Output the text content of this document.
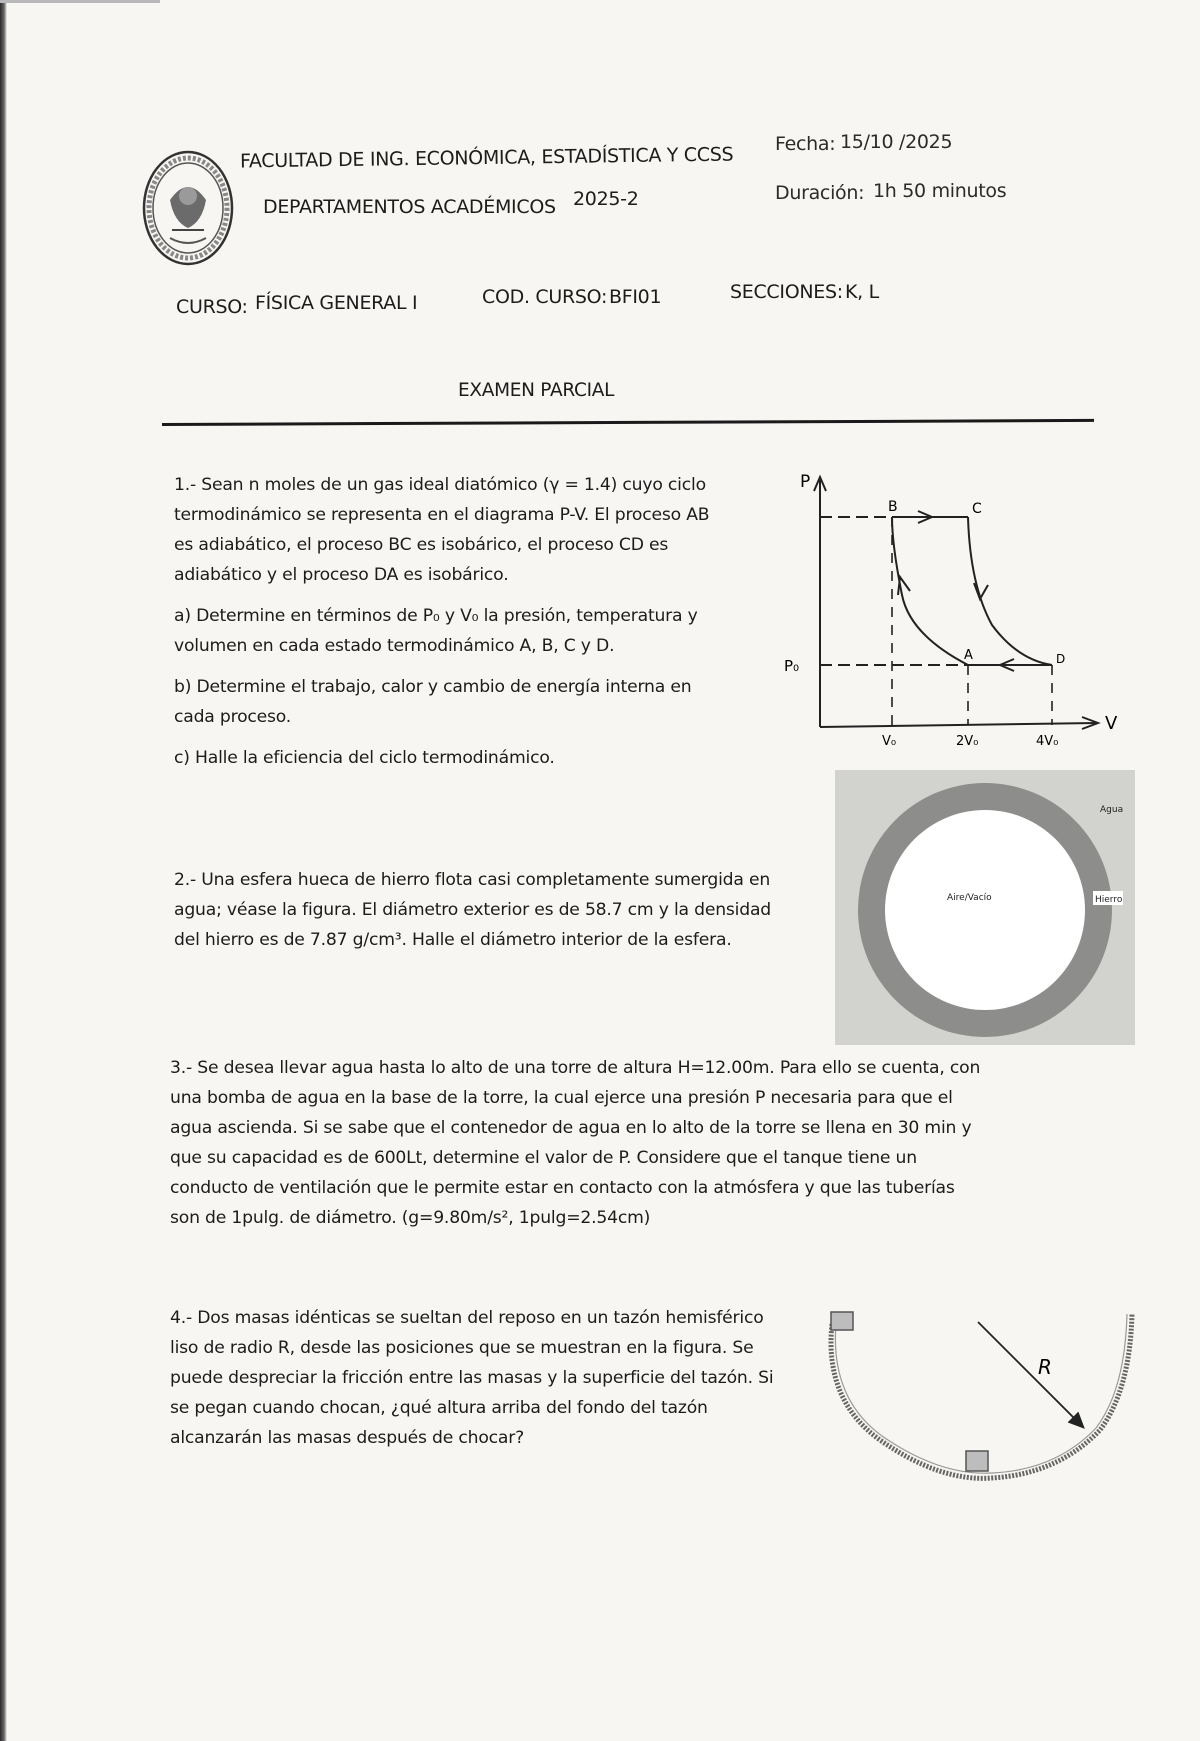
FACULTAD DE ING. ECONÓMICA, ESTADÍSTICA Y CCSS Fecha: 15/10 /2025
DEPARTAMENTOS ACADÉMICOS 2025-2	Duración: 1h 50 minutos
CURSO: FÍSICA GENERAL I	COD. CURSO: BFI01	SECCIONES: K, L
EXAMEN PARCIAL

1.- Sean n moles de un gas ideal diatómico (γ = 1.4) cuyo ciclo

termodinámico se representa en el diagrama P-V. El proceso AB

es adiabático, el proceso BC es isobárico, el proceso CD es

adiabático y el proceso DA es isobárico.

a) Determine en términos de P₀ y V₀ la presión, temperatura y

volumen en cada estado termodinámico A, B, C y D.

b) Determine el trabajo, calor y cambio de energía interna en

cada proceso.

c) Halle la eficiencia del ciclo termodinámico.

P
V
B	C
A	D
P₀
V₀	2V₀	4V₀

2.- Una esfera hueca de hierro flota casi completamente sumergida en

agua; véase la figura. El diámetro exterior es de 58.7 cm y la densidad

del hierro es de 7.87 g/cm³. Halle el diámetro interior de la esfera.

Agua
Aire/Vacío	Hierro

3.- Se desea llevar agua hasta lo alto de una torre de altura H=12.00m. Para ello se cuenta, con

una bomba de agua en la base de la torre, la cual ejerce una presión P necesaria para que el

agua ascienda. Si se sabe que el contenedor de agua en lo alto de la torre se llena en 30 min y

que su capacidad es de 600Lt, determine el valor de P. Considere que el tanque tiene un

conducto de ventilación que le permite estar en contacto con la atmósfera y que las tuberías

son de 1pulg. de diámetro. (g=9.80m/s², 1pulg=2.54cm)

4.- Dos masas idénticas se sueltan del reposo en un tazón hemisférico

liso de radio R, desde las posiciones que se muestran en la figura. Se

puede despreciar la fricción entre las masas y la superficie del tazón. Si

se pegan cuando chocan, ¿qué altura arriba del fondo del tazón

alcanzarán las masas después de chocar?

R
